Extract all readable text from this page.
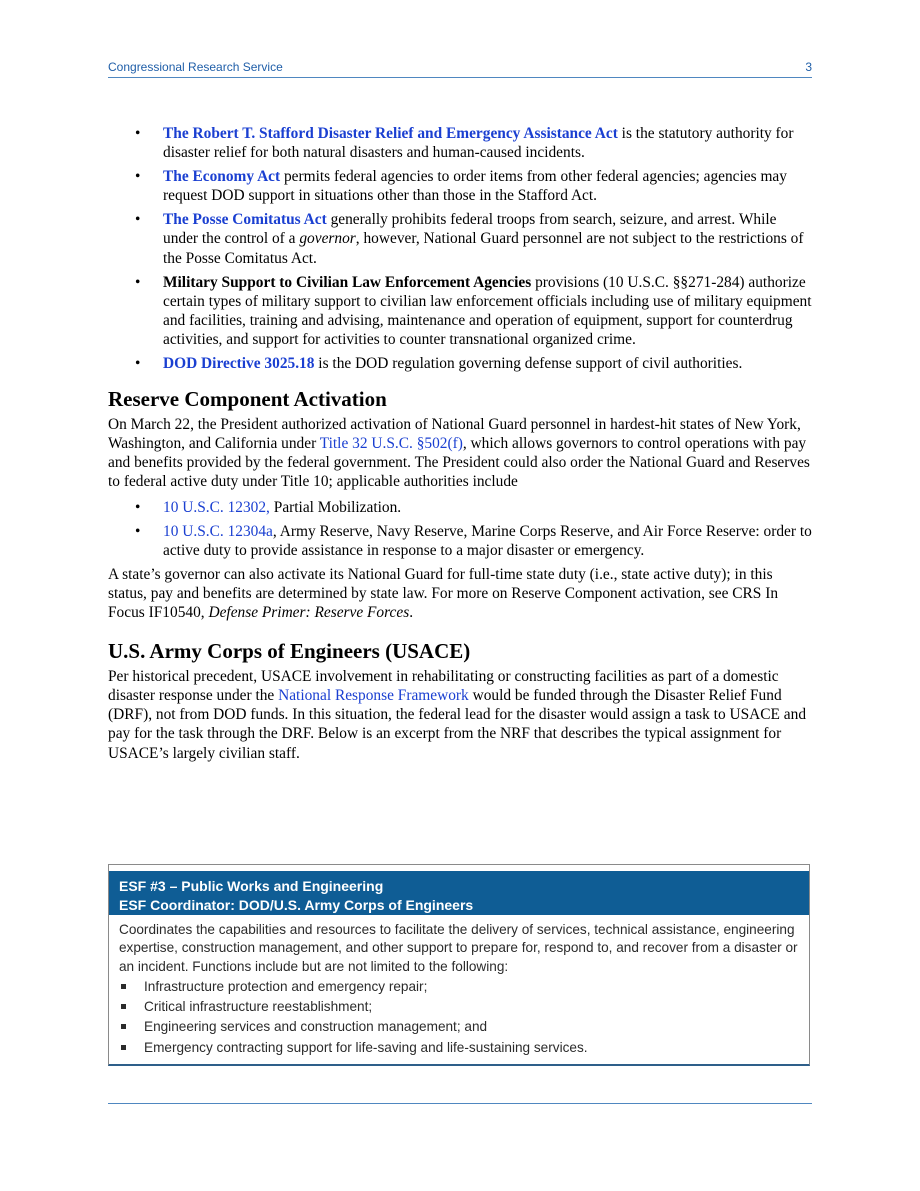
Congressional Research Service	3
• The Robert T. Stafford Disaster Relief and Emergency Assistance Act is the statutory authority for disaster relief for both natural disasters and human-caused incidents.
• The Economy Act permits federal agencies to order items from other federal agencies; agencies may request DOD support in situations other than those in the Stafford Act.
• The Posse Comitatus Act generally prohibits federal troops from search, seizure, and arrest. While under the control of a governor, however, National Guard personnel are not subject to the restrictions of the Posse Comitatus Act.
• Military Support to Civilian Law Enforcement Agencies provisions (10 U.S.C. §§271-284) authorize certain types of military support to civilian law enforcement officials including use of military equipment and facilities, training and advising, maintenance and operation of equipment, support for counterdrug activities, and support for activities to counter transnational organized crime.
• DOD Directive 3025.18 is the DOD regulation governing defense support of civil authorities.
Reserve Component Activation

On March 22, the President authorized activation of National Guard personnel in hardest-hit states of New York, Washington, and California under Title 32 U.S.C. §502(f), which allows governors to control operations with pay and benefits provided by the federal government. The President could also order the National Guard and Reserves to federal active duty under Title 10; applicable authorities include

• 10 U.S.C. 12302, Partial Mobilization.
• 10 U.S.C. 12304a, Army Reserve, Navy Reserve, Marine Corps Reserve, and Air Force Reserve: order to active duty to provide assistance in response to a major disaster or emergency.

A state’s governor can also activate its National Guard for full-time state duty (i.e., state active duty); in this status, pay and benefits are determined by state law. For more on Reserve Component activation, see CRS In Focus IF10540, Defense Primer: Reserve Forces.

U.S. Army Corps of Engineers (USACE)

Per historical precedent, USACE involvement in rehabilitating or constructing facilities as part of a domestic disaster response under the National Response Framework would be funded through the Disaster Relief Fund (DRF), not from DOD funds. In this situation, the federal lead for the disaster would assign a task to USACE and pay for the task through the DRF. Below is an excerpt from the NRF that describes the typical assignment for USACE’s largely civilian staff.

ESF #3 – Public Works and Engineering
ESF Coordinator: DOD/U.S. Army Corps of Engineers
Coordinates the capabilities and resources to facilitate the delivery of services, technical assistance, engineering expertise, construction management, and other support to prepare for, respond to, and recover from a disaster or an incident. Functions include but are not limited to the following:
Infrastructure protection and emergency repair;
Critical infrastructure reestablishment;
Engineering services and construction management; and
Emergency contracting support for life-saving and life-sustaining services.
